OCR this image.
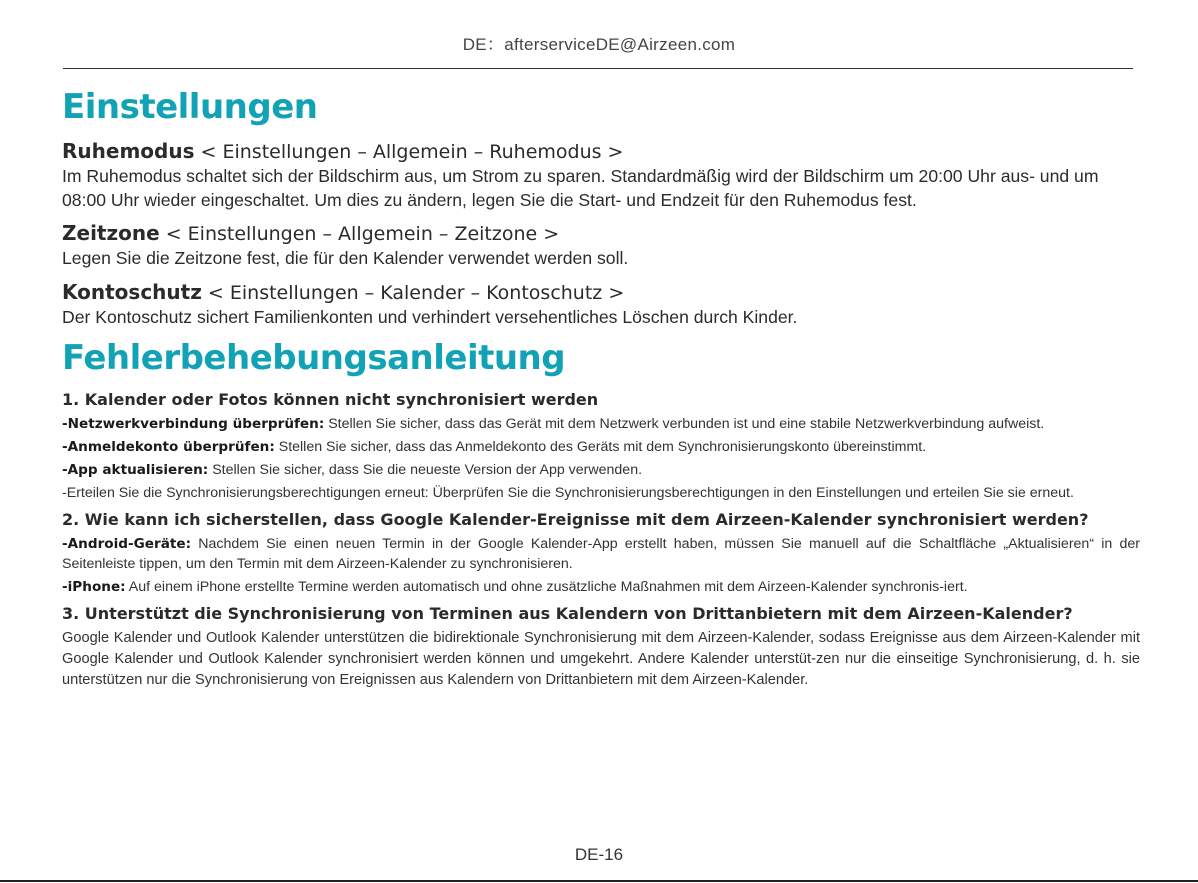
DE：afterserviceDE@Airzeen.com
Einstellungen

Ruhemodus < Einstellungen – Allgemein – Ruhemodus >

Im Ruhemodus schaltet sich der Bildschirm aus, um Strom zu sparen. Standardmäßig wird der Bildschirm um 20:00 Uhr aus- und um 08:00 Uhr wieder eingeschaltet. Um dies zu ändern, legen Sie die Start- und Endzeit für den Ruhemodus fest.

Zeitzone < Einstellungen – Allgemein – Zeitzone >

Legen Sie die Zeitzone fest, die für den Kalender verwendet werden soll.

Kontoschutz < Einstellungen – Kalender – Kontoschutz >

Der Kontoschutz sichert Familienkonten und verhindert versehentliches Löschen durch Kinder.

Fehlerbehebungsanleitung

1. Kalender oder Fotos können nicht synchronisiert werden

-Netzwerkverbindung überprüfen: Stellen Sie sicher, dass das Gerät mit dem Netzwerk verbunden ist und eine stabile Netzwerkverbindung aufweist.

-Anmeldekonto überprüfen: Stellen Sie sicher, dass das Anmeldekonto des Geräts mit dem Synchronisierungskonto übereinstimmt.

-App aktualisieren: Stellen Sie sicher, dass Sie die neueste Version der App verwenden.

-Erteilen Sie die Synchronisierungsberechtigungen erneut: Überprüfen Sie die Synchronisierungsberechtigungen in den Einstellungen und erteilen Sie sie erneut.

2. Wie kann ich sicherstellen, dass Google Kalender-Ereignisse mit dem Airzeen-Kalender synchronisiert werden?

-Android-Geräte: Nachdem Sie einen neuen Termin in der Google Kalender-App erstellt haben, müssen Sie manuell auf die Schaltfläche „Aktualisieren“ in der Seitenleiste tippen, um den Termin mit dem Airzeen-Kalender zu synchronisieren.

-iPhone: Auf einem iPhone erstellte Termine werden automatisch und ohne zusätzliche Maßnahmen mit dem Airzeen-Kalender synchronis-iert.

3. Unterstützt die Synchronisierung von Terminen aus Kalendern von Drittanbietern mit dem Airzeen-Kalender?

Google Kalender und Outlook Kalender unterstützen die bidirektionale Synchronisierung mit dem Airzeen-Kalender, sodass Ereignisse aus dem Airzeen-Kalender mit Google Kalender und Outlook Kalender synchronisiert werden können und umgekehrt. Andere Kalender unterstüt-zen nur die einseitige Synchronisierung, d. h. sie unterstützen nur die Synchronisierung von Ereignissen aus Kalendern von Drittanbietern mit dem Airzeen-Kalender.

DE-16
